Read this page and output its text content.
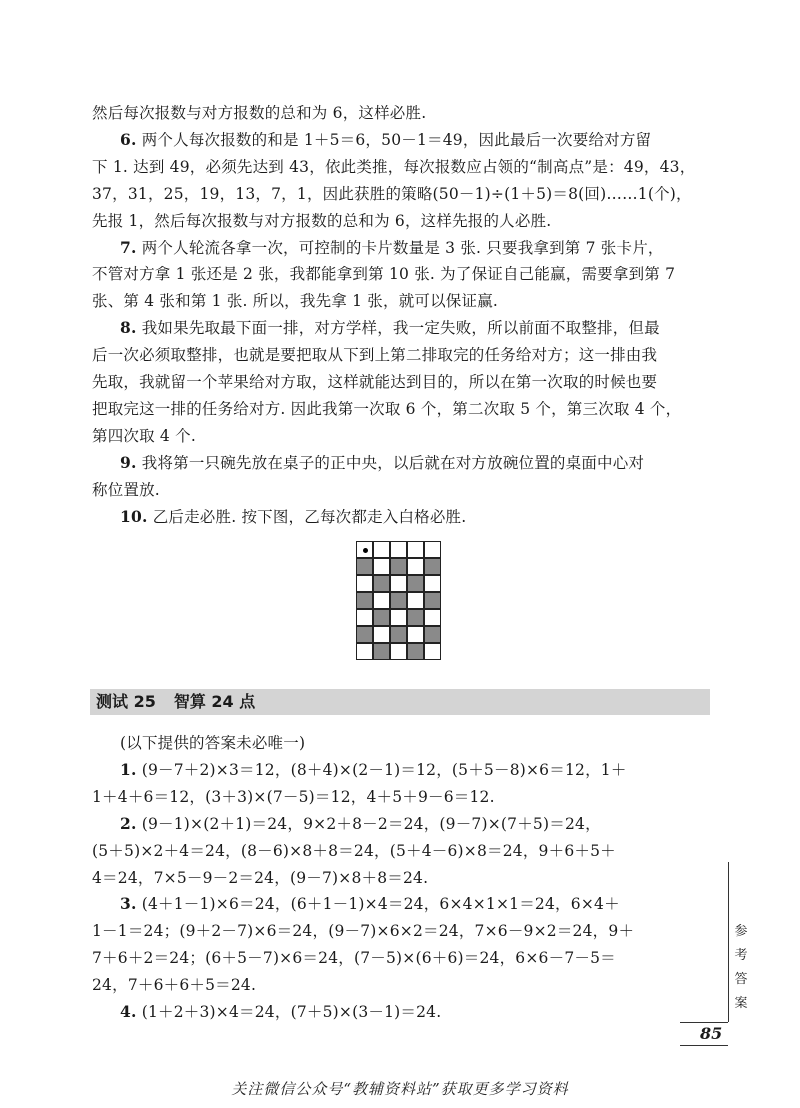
然后每次报数与对方报数的总和为 6，这样必胜.
6. 两个人每次报数的和是 1＋5＝6，50－1＝49，因此最后一次要给对方留
下 1. 达到 49，必须先达到 43，依此类推，每次报数应占领的“制高点”是：49，43，
37，31，25，19，13，7，1，因此获胜的策略(50－1)÷(1＋5)＝8(回)……1(个)，
先报 1，然后每次报数与对方报数的总和为 6，这样先报的人必胜.
7. 两个人轮流各拿一次，可控制的卡片数量是 3 张. 只要我拿到第 7 张卡片，
不管对方拿 1 张还是 2 张，我都能拿到第 10 张. 为了保证自己能赢，需要拿到第 7
张、第 4 张和第 1 张. 所以，我先拿 1 张，就可以保证赢.
8. 我如果先取最下面一排，对方学样，我一定失败，所以前面不取整排，但最
后一次必须取整排，也就是要把取从下到上第二排取完的任务给对方；这一排由我
先取，我就留一个苹果给对方取，这样就能达到目的，所以在第一次取的时候也要
把取完这一排的任务给对方. 因此我第一次取 6 个，第二次取 5 个，第三次取 4 个，
第四次取 4 个.
9. 我将第一只碗先放在桌子的正中央，以后就在对方放碗位置的桌面中心对
称位置放.
10. 乙后走必胜. 按下图，乙每次都走入白格必胜.
测试 25 智算 24 点
(以下提供的答案未必唯一)
1. (9－7＋2)×3＝12，(8＋4)×(2－1)＝12，(5＋5－8)×6＝12，1＋
1＋4＋6＝12，(3＋3)×(7－5)＝12，4＋5＋9－6＝12.
2. (9－1)×(2＋1)＝24，9×2＋8－2＝24，(9－7)×(7＋5)＝24，
(5＋5)×2＋4＝24，(8－6)×8＋8＝24，(5＋4－6)×8＝24，9＋6＋5＋
4＝24，7×5－9－2＝24，(9－7)×8＋8＝24.
3. (4＋1－1)×6＝24，(6＋1－1)×4＝24，6×4×1×1＝24，6×4＋
1－1＝24；(9＋2－7)×6＝24，(9－7)×6×2＝24，7×6－9×2＝24，9＋
7＋6＋2＝24；(6＋5－7)×6＝24，(7－5)×(6＋6)＝24，6×6－7－5＝
24，7＋6＋6＋5＝24.
4. (1＋2＋3)×4＝24，(7＋5)×(3－1)＝24.
参
考
答
案
85
关注微信公众号“教辅资料站”获取更多学习资料
